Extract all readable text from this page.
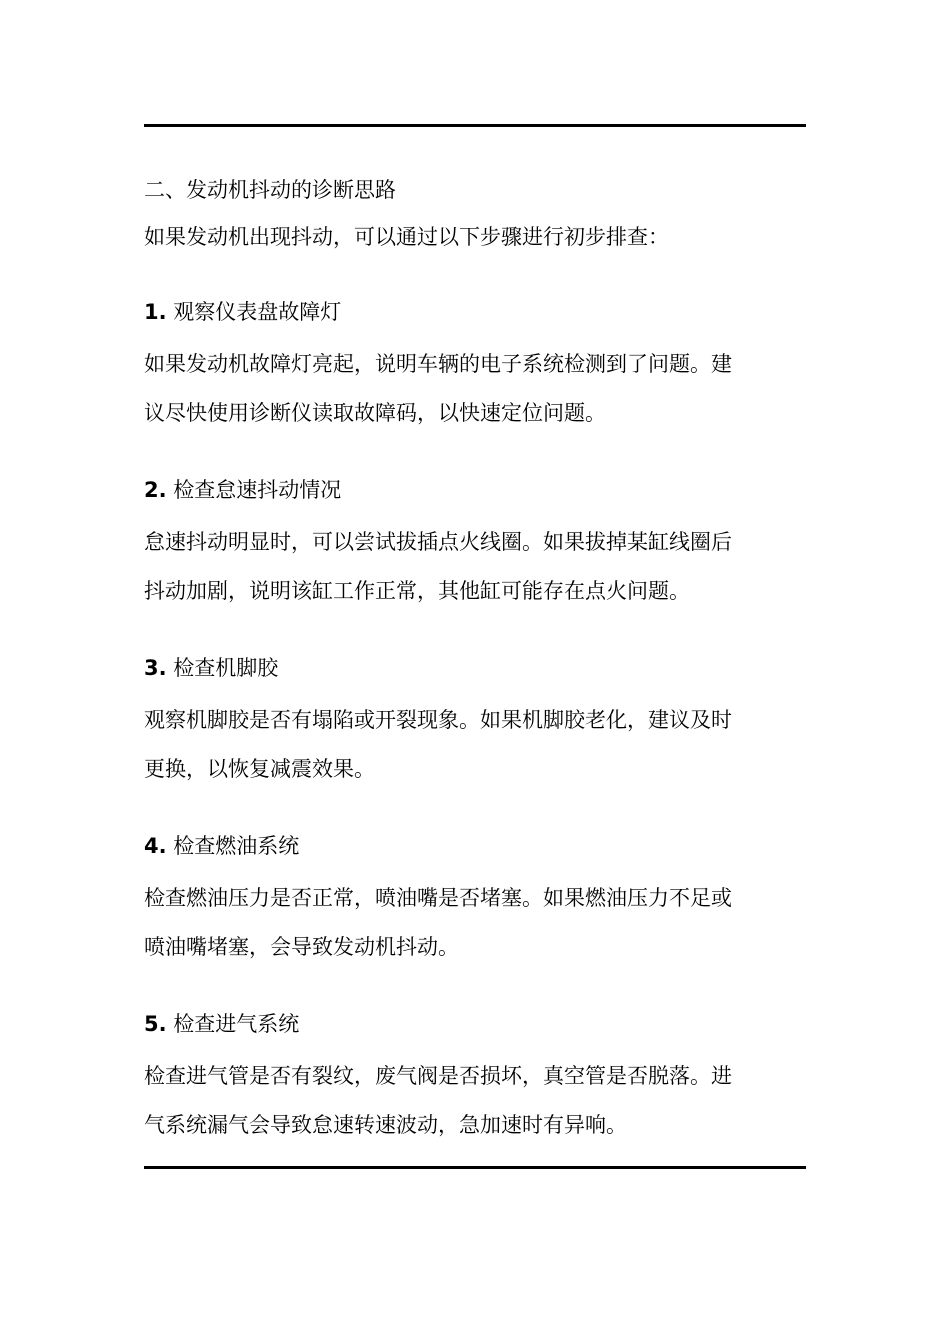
二、发动机抖动的诊断思路

如果发动机出现抖动，可以通过以下步骤进行初步排查：

1. 观察仪表盘故障灯

如果发动机故障灯亮起，说明车辆的电子系统检测到了问题。建
议尽快使用诊断仪读取故障码，以快速定位问题。

2. 检查怠速抖动情况

怠速抖动明显时，可以尝试拔插点火线圈。如果拔掉某缸线圈后
抖动加剧，说明该缸工作正常，其他缸可能存在点火问题。

3. 检查机脚胶

观察机脚胶是否有塌陷或开裂现象。如果机脚胶老化，建议及时
更换，以恢复减震效果。

4. 检查燃油系统

检查燃油压力是否正常，喷油嘴是否堵塞。如果燃油压力不足或
喷油嘴堵塞，会导致发动机抖动。

5. 检查进气系统

检查进气管是否有裂纹，废气阀是否损坏，真空管是否脱落。进
气系统漏气会导致怠速转速波动，急加速时有异响。
